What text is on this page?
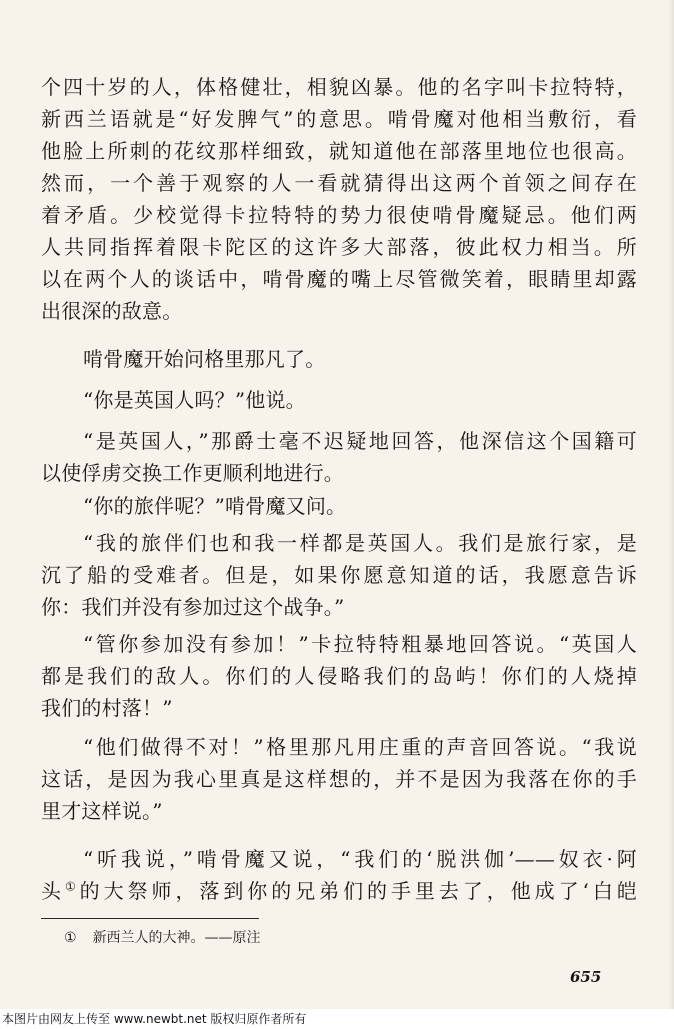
个四十岁的人，体格健壮，相貌凶暴。他的名字叫卡拉特特，
新西兰语就是“好发脾气”的意思。啃骨魔对他相当敷衍，看
他脸上所刺的花纹那样细致，就知道他在部落里地位也很高。
然而，一个善于观察的人一看就猜得出这两个首领之间存在
着矛盾。少校觉得卡拉特特的势力很使啃骨魔疑忌。他们两
人共同指挥着限卡陀区的这许多大部落，彼此权力相当。所
以在两个人的谈话中，啃骨魔的嘴上尽管微笑着，眼睛里却露
出很深的敌意。
啃骨魔开始问格里那凡了。
“你是英国人吗？”他说。
“是英国人，”那爵士毫不迟疑地回答，他深信这个国籍可
以使俘虏交换工作更顺利地进行。
“你的旅伴呢？”啃骨魔又问。
“我的旅伴们也和我一样都是英国人。我们是旅行家，是
沉了船的受难者。但是，如果你愿意知道的话，我愿意告诉
你：我们并没有参加过这个战争。”
“管你参加没有参加！”卡拉特特粗暴地回答说。“英国人
都是我们的敌人。你们的人侵略我们的岛屿！你们的人烧掉
我们的村落！”
“他们做得不对！”格里那凡用庄重的声音回答说。“我说
这话，是因为我心里真是这样想的，并不是因为我落在你的手
里才这样说。”
“听我说，”啃骨魔又说，“我们的‘脱洪伽’——奴衣·阿
头①的大祭师，落到你的兄弟们的手里去了，他成了‘白皑
① 新西兰人的大神。——原注
655
本图片由网友上传至 www.newbt.net 版权归原作者所有
